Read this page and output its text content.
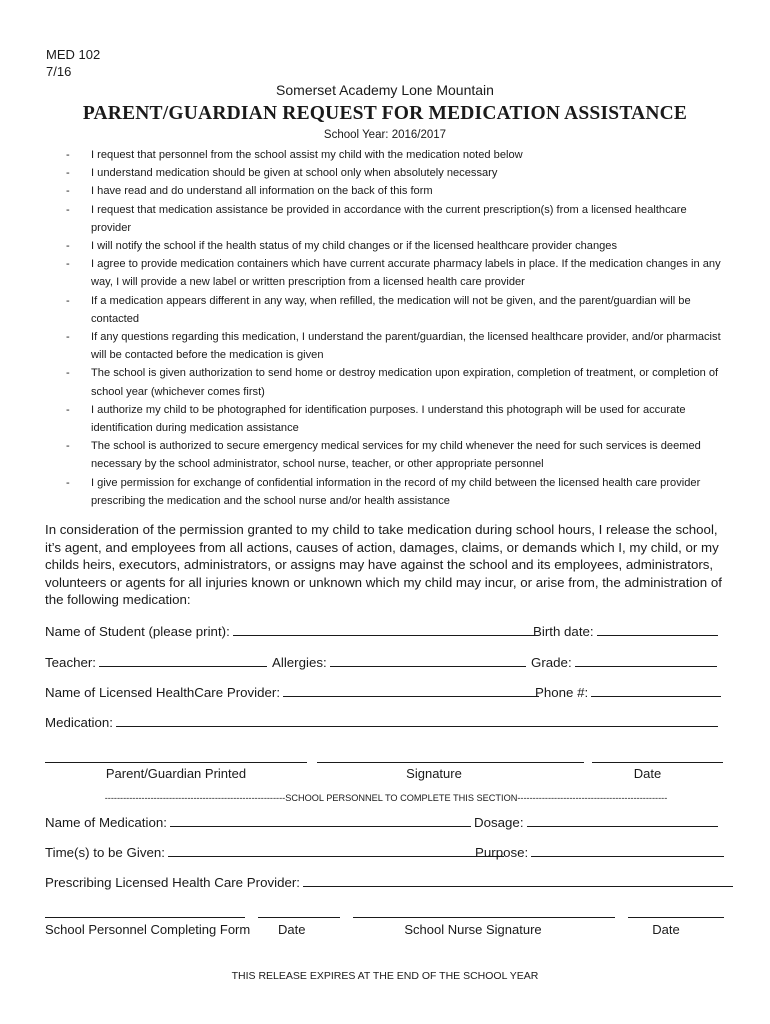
MED 102
7/16
Somerset Academy Lone Mountain
PARENT/GUARDIAN REQUEST FOR MEDICATION ASSISTANCE
School Year: 2016/2017
- I request that personnel from the school assist my child with the medication noted below
- I understand medication should be given at school only when absolutely necessary
- I have read and do understand all information on the back of this form
- I request that medication assistance be provided in accordance with the current prescription(s) from a licensed healthcare provider
- I will notify the school if the health status of my child changes or if the licensed healthcare provider changes
- I agree to provide medication containers which have current accurate pharmacy labels in place. If the medication changes in any way, I will provide a new label or written prescription from a licensed health care provider
- If a medication appears different in any way, when refilled, the medication will not be given, and the parent/guardian will be contacted
- If any questions regarding this medication, I understand the parent/guardian, the licensed healthcare provider, and/or pharmacist will be contacted before the medication is given
- The school is given authorization to send home or destroy medication upon expiration, completion of treatment, or completion of school year (whichever comes first)
- I authorize my child to be photographed for identification purposes. I understand this photograph will be used for accurate identification during medication assistance
- The school is authorized to secure emergency medical services for my child whenever the need for such services is deemed necessary by the school administrator, school nurse, teacher, or other appropriate personnel
- I give permission for exchange of confidential information in the record of my child between the licensed health care provider prescribing the medication and the school nurse and/or health assistance
In consideration of the permission granted to my child to take medication during school hours, I release the school, it’s agent, and employees from all actions, causes of action, damages, claims, or demands which I, my child, or my childs heirs, executors, administrators, or assigns may have against the school and its employees, administrators, volunteers or agents for all injuries known or unknown which my child may incur, or arise from, the administration of the following medication:
Name of Student (please print):	Birth date:
Teacher:	Allergies:	Grade:
Name of Licensed HealthCare Provider:	Phone #:
Medication:
Parent/Guardian Printed	Signature	Date
-----------------------------------------------------------SCHOOL PERSONNEL TO COMPLETE THIS SECTION-------------------------------------------------
Name of Medication:	Dosage:
Time(s) to be Given:	Purpose:
Prescribing Licensed Health Care Provider:
School Personnel Completing Form Date	School Nurse Signature	Date
THIS RELEASE EXPIRES AT THE END OF THE SCHOOL YEAR
